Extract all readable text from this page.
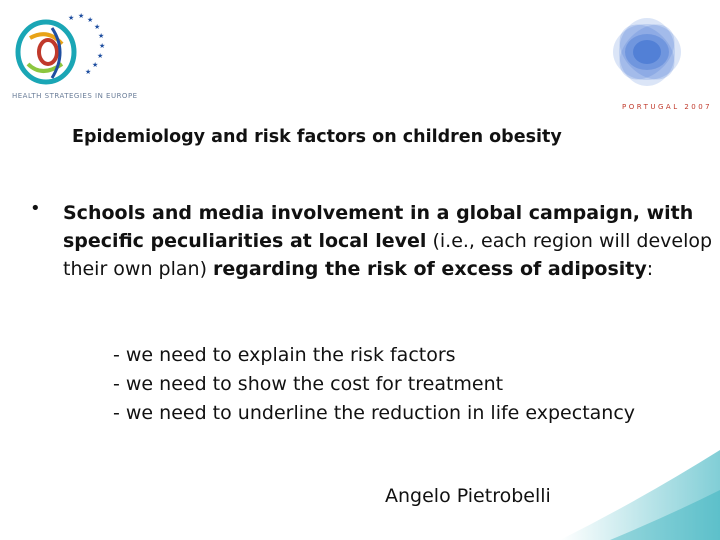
★ ★ ★
★
★
★
★
★
★
HEALTH STRATEGIES IN EUROPE
PORTUGAL 2007
Epidemiology and risk factors on children obesity
• Schools and media involvement in a global campaign, with specific peculiarities at local level (i.e., each region will develop their own plan) regarding the risk of excess of adiposity:
- we need to explain the risk factors
- we need to show the cost for treatment
- we need to underline the reduction in life expectancy
Angelo Pietrobelli
